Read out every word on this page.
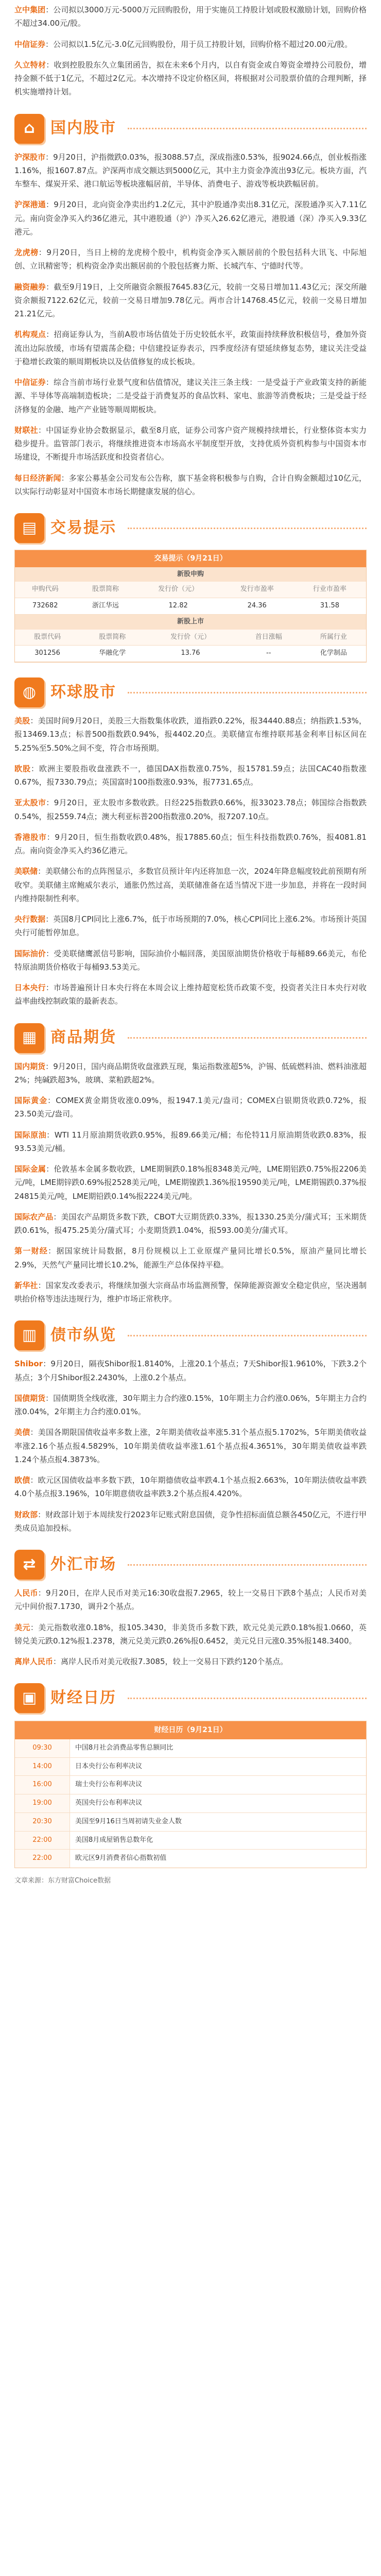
立中集团：公司拟以3000万元-5000万元回购股份，用于实施员工持股计划或股权激励计划，回购价格不超过34.00元/股。

中信证券：公司拟以1.5亿元-3.0亿元回购股份，用于员工持股计划，回购价格不超过20.00元/股。

久立特材：收到控股股东久立集团函告，拟在未来6个月内，以自有资金或自筹资金增持公司股份，增持金额不低于1亿元，不超过2亿元。本次增持不设定价格区间，将根据对公司股票价值的合理判断，择机实施增持计划。

⌂	国内股市

沪深股市：9月20日，沪指微跌0.03%，报3088.57点，深成指涨0.53%，报9024.66点，创业板指涨1.16%，报1607.87点。沪深两市成交额达到5000亿元，其中主力资金净流出93亿元。板块方面，汽车整车、煤炭开采、港口航运等板块涨幅居前，半导体、消费电子、游戏等板块跌幅居前。

沪深港通：9月20日，北向资金净卖出约1.2亿元，其中沪股通净卖出8.31亿元，深股通净买入7.11亿元。南向资金净买入约36亿港元，其中港股通（沪）净买入26.62亿港元，港股通（深）净买入9.33亿港元。

龙虎榜：9月20日，当日上榜的龙虎榜个股中，机构资金净买入额居前的个股包括科大讯飞、中际旭创、立讯精密等；机构资金净卖出额居前的个股包括赛力斯、长城汽车、宁德时代等。

融资融券：截至9月19日，上交所融资余额报7645.83亿元，较前一交易日增加11.43亿元；深交所融资余额报7122.62亿元，较前一交易日增加9.78亿元。两市合计14768.45亿元，较前一交易日增加21.21亿元。

机构观点：招商证券认为，当前A股市场估值处于历史较低水平，政策面持续释放积极信号，叠加外资流出边际放缓，市场有望震荡企稳；中信建投证券表示，四季度经济有望延续修复态势，建议关注受益于稳增长政策的顺周期板块以及估值修复的成长板块。

中信证券：综合当前市场行业景气度和估值情况，建议关注三条主线：一是受益于产业政策支持的新能源、半导体等高端制造板块；二是受益于消费复苏的食品饮料、家电、旅游等消费板块；三是受益于经济修复的金融、地产产业链等顺周期板块。

财联社：中国证券业协会数据显示，截至8月底，证券公司客户资产规模持续增长，行业整体资本实力稳步提升。监管部门表示，将继续推进资本市场高水平制度型开放，支持优质外资机构参与中国资本市场建设，不断提升市场活跃度和投资者信心。

每日经济新闻：多家公募基金公司发布公告称，旗下基金将积极参与自购，合计自购金额超过10亿元，以实际行动彰显对中国资本市场长期健康发展的信心。

▤ 交易提示
交易提示（9月21日）
新股申购
申购代码	股票简称	发行价（元）	发行市盈率	行业市盈率
732682	浙江华远	12.82	24.36	31.58
新股上市
股票代码	股票简称	发行价（元）	首日涨幅	所属行业
301256	华融化学	13.76	--	化学制品
◍ 环球股市

美股：美国时间9月20日，美股三大指数集体收跌，道指跌0.22%，报34440.88点；纳指跌1.53%，报13469.13点；标普500指数跌0.94%，报4402.20点。美联储宣布维持联邦基金利率目标区间在5.25%至5.50%之间不变，符合市场预期。

欧股：欧洲主要股指收盘涨跌不一，德国DAX指数涨0.75%，报15781.59点；法国CAC40指数涨0.67%，报7330.79点；英国富时100指数涨0.93%，报7731.65点。

亚太股市：9月20日，亚太股市多数收跌。日经225指数跌0.66%，报33023.78点；韩国综合指数跌0.54%，报2559.74点；澳大利亚标普200指数涨0.20%，报7207.10点。

香港股市：9月20日，恒生指数收跌0.48%，报17885.60点；恒生科技指数跌0.76%，报4081.81点。南向资金净买入约36亿港元。

美联储：美联储公布的点阵图显示，多数官员预计年内还将加息一次，2024年降息幅度较此前预期有所收窄。美联储主席鲍威尔表示，通胀仍然过高，美联储准备在适当情况下进一步加息，并将在一段时间内维持限制性利率。

央行数据：英国8月CPI同比上涨6.7%，低于市场预期的7.0%，核心CPI同比上涨6.2%。市场预计英国央行可能暂停加息。

国际油价：受美联储鹰派信号影响，国际油价小幅回落，美国原油期货价格收于每桶89.66美元，布伦特原油期货价格收于每桶93.53美元。

日本央行：市场普遍预计日本央行将在本周会议上维持超宽松货币政策不变，投资者关注日本央行对收益率曲线控制政策的最新表态。

▦ 商品期货

国内期货：9月20日，国内商品期货收盘涨跌互现，集运指数涨超5%，沪锡、低硫燃料油、燃料油涨超2%；纯碱跌超3%，玻璃、菜粕跌超2%。

国际黄金：COMEX黄金期货收涨0.09%，报1947.1美元/盎司；COMEX白银期货收跌0.72%，报23.50美元/盎司。

国际原油：WTI 11月原油期货收跌0.95%，报89.66美元/桶；布伦特11月原油期货收跌0.83%，报93.53美元/桶。

国际金属：伦敦基本金属多数收跌，LME期铜跌0.18%报8348美元/吨，LME期铝跌0.75%报2206美元/吨，LME期锌跌0.69%报2528美元/吨，LME期镍跌1.36%报19590美元/吨，LME期锡跌0.37%报24815美元/吨，LME期铅跌0.14%报2224美元/吨。

国际农产品：美国农产品期货多数下跌，CBOT大豆期货跌0.33%，报1330.25美分/蒲式耳；玉米期货跌0.61%，报475.25美分/蒲式耳；小麦期货跌1.04%，报593.00美分/蒲式耳。

第一财经：据国家统计局数据，8月份规模以上工业原煤产量同比增长0.5%，原油产量同比增长2.9%，天然气产量同比增长10.2%，能源生产总体保持平稳。

新华社：国家发改委表示，将继续加强大宗商品市场监测预警，保障能源资源安全稳定供应，坚决遏制哄抬价格等违法违规行为，维护市场正常秩序。

▥ 债市纵览

Shibor：9月20日，隔夜Shibor报1.8140%，上涨20.1个基点；7天Shibor报1.9610%，下跌3.2个基点；3个月Shibor报2.2430%，上涨0.2个基点。

国债期货：国债期货全线收涨，30年期主力合约涨0.15%，10年期主力合约涨0.06%，5年期主力合约涨0.04%，2年期主力合约涨0.01%。

美债：美国各期限国债收益率多数上涨，2年期美债收益率涨5.31个基点报5.1702%，5年期美债收益率涨2.16个基点报4.5829%，10年期美债收益率涨1.61个基点报4.3651%，30年期美债收益率跌1.24个基点报4.3873%。

欧债：欧元区国债收益率多数下跌，10年期德债收益率跌4.1个基点报2.663%，10年期法债收益率跌4.0个基点报3.196%，10年期意债收益率跌3.2个基点报4.420%。

财政部：财政部计划于本周续发行2023年记账式附息国债，竞争性招标面值总额各450亿元，不进行甲类成员追加投标。

⇄ 外汇市场

人民币：9月20日，在岸人民币对美元16:30收盘报7.2965，较上一交易日下跌8个基点；人民币对美元中间价报7.1730，调升2个基点。

美元：美元指数收涨0.18%，报105.3430，非美货币多数下跌，欧元兑美元跌0.18%报1.0660，英镑兑美元跌0.12%报1.2378，澳元兑美元跌0.26%报0.6452，美元兑日元涨0.35%报148.3400。

离岸人民币：离岸人民币对美元收报7.3085，较上一交易日下跌约120个基点。

▣ 财经日历
财经日历（9月21日）
09:30	中国8月社会消费品零售总额同比
14:00	日本央行公布利率决议
16:00	瑞士央行公布利率决议
19:00	英国央行公布利率决议
20:30	美国至9月16日当周初请失业金人数
22:00	美国8月成屋销售总数年化
22:00	欧元区9月消费者信心指数初值
文章来源：东方财富Choice数据
